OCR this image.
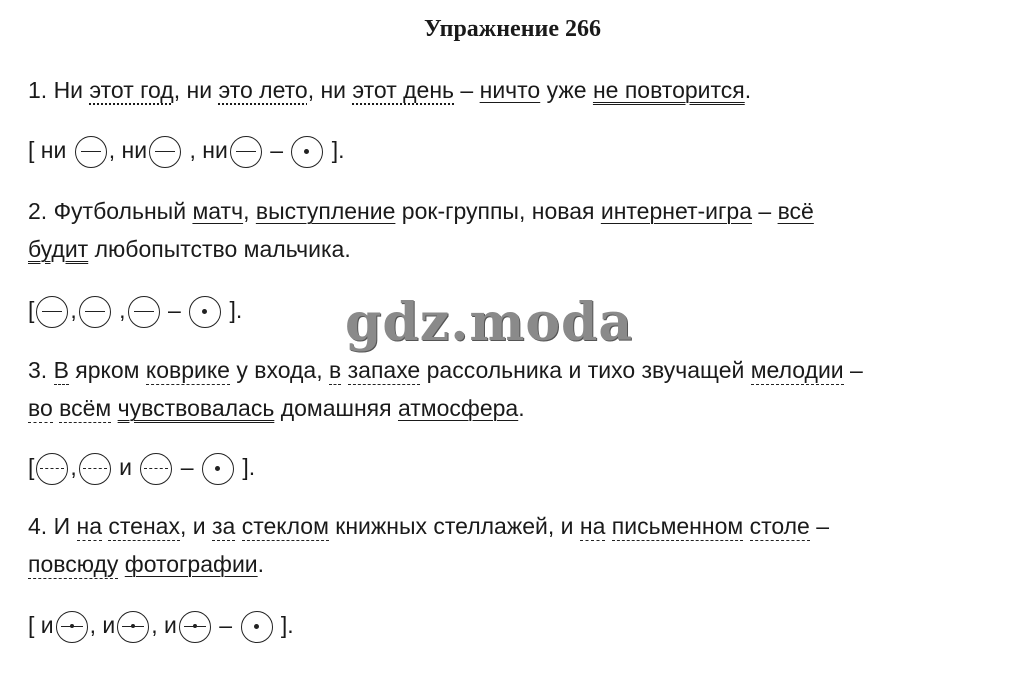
Упражнение 266
1. Ни этот год, ни это лето, ни этот день – ничто уже не повторится.
[ ни , ни , ни –
].
2. Футбольный матч, выступление рок-группы, новая интернет-игра – всё
будит любопытство мальчика.
[ , , –
]. gdz.moda
3. В ярком коврике у входа, в запахе рассольника и тихо звучащей мелодии –
во всём чувствовалась домашняя атмосфера.
[ , и  –
].
4. И на стенах, и за стеклом книжных стеллажей, и на письменном столе –
повсюду фотографии.
[ и , и , и
–
].
